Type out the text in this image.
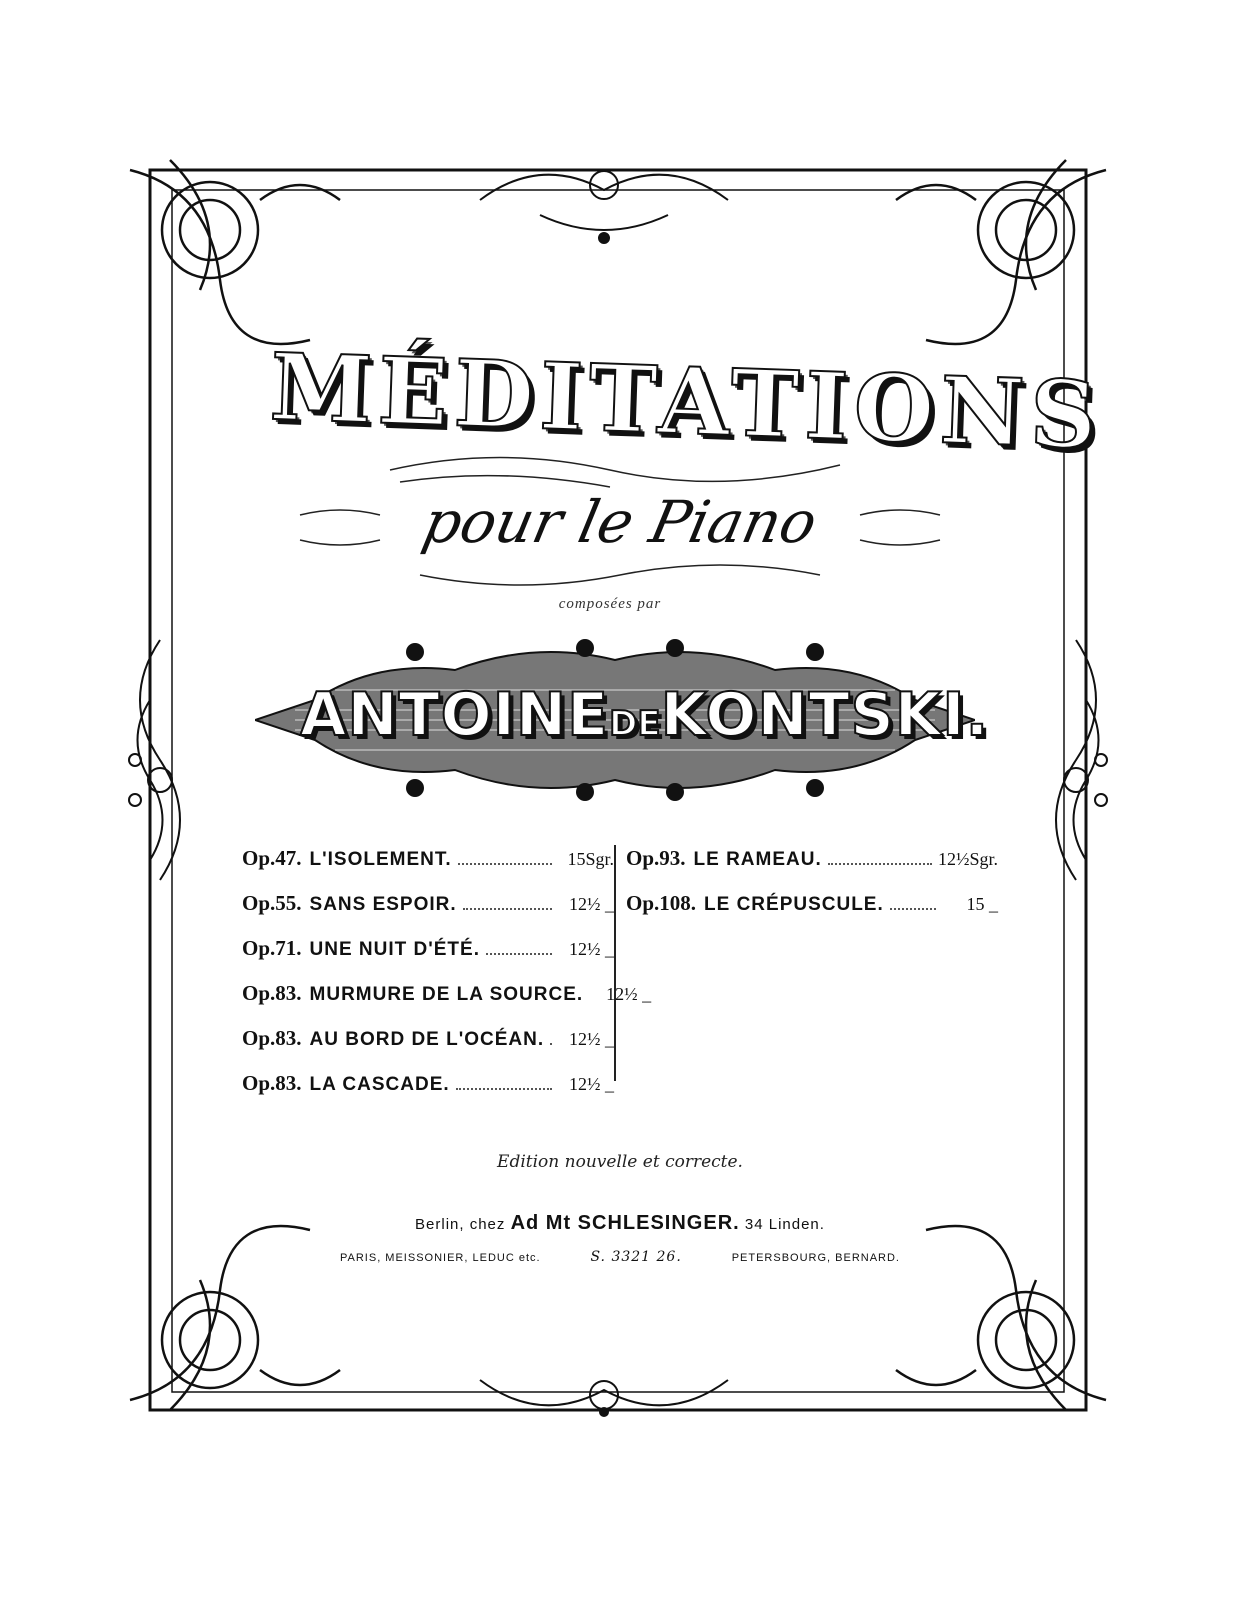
MÉDITATIONS
pour le Piano
composées par
ANTOINEDEKONTSKI.
Op.47. L'ISOLEMENT.	15Sgr.
Op.55. SANS ESPOIR.	12½ _
Op.71. UNE NUIT D'ÉTÉ.	12½ _
Op.83. MURMURE DE LA SOURCE.	12½ _
Op.83. AU BORD DE L'OCÉAN.	12½ _
Op.83. LA CASCADE.	12½ _
Op.93. LE RAMEAU.	12½Sgr.
Op.108. LE CRÉPUSCULE.	15 _
Edition nouvelle et correcte.
Berlin, chez Ad Mt SCHLESINGER. 34 Linden.
PARIS, MEISSONIER, LEDUC etc.	S. 3321 26.	PETERSBOURG, BERNARD.
